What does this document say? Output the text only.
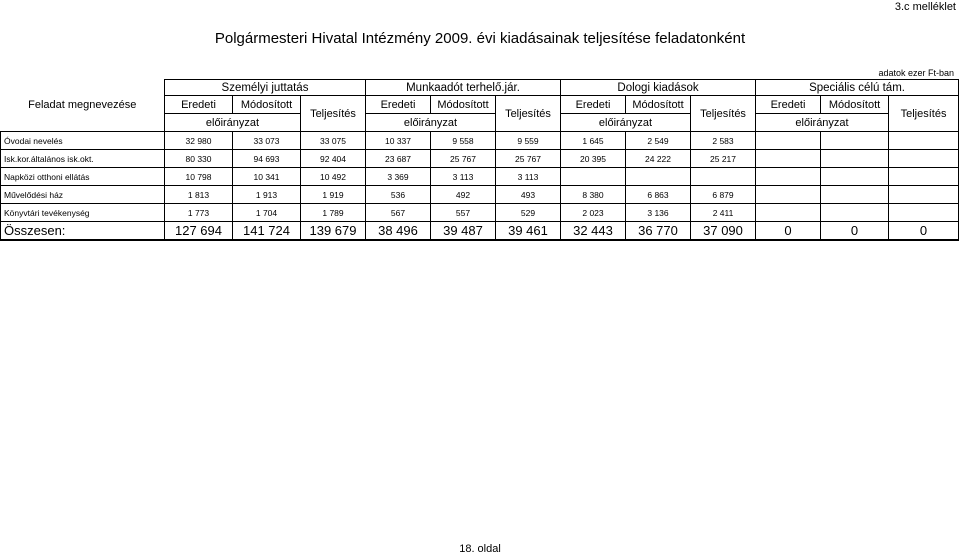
3.c melléklet
Polgármesteri Hivatal Intézmény 2009. évi kiadásainak teljesítése feladatonként
adatok ezer Ft-ban
	Személyi juttatás			Munkaadót terhelő.jár.			Dologi kiadások			Speciális célú tám.		
Feladat megnevezése	Eredeti	Módosított	Teljesítés	Eredeti	Módosított	Teljesítés	Eredeti	Módosított	Teljesítés	Eredeti	Módosított	Teljesítés
	előirányzat			előirányzat			előirányzat			előirányzat		
Óvodai nevelés	32 980	33 073	33 075	10 337	9 558	9 559	1 645	2 549	2 583			
Isk.kor.általános isk.okt.	80 330	94 693	92 404	23 687	25 767	25 767	20 395	24 222	25 217			
Napközi otthoni ellátás	10 798	10 341	10 492	3 369	3 113	3 113						
Művelődési ház	1 813	1 913	1 919	536	492	493	8 380	6 863	6 879			
Könyvtári tevékenység	1 773	1 704	1 789	567	557	529	2 023	3 136	2 411			
Összesen:	127 694	141 724	139 679	38 496	39 487	39 461	32 443	36 770	37 090	0	0	0
18. oldal
